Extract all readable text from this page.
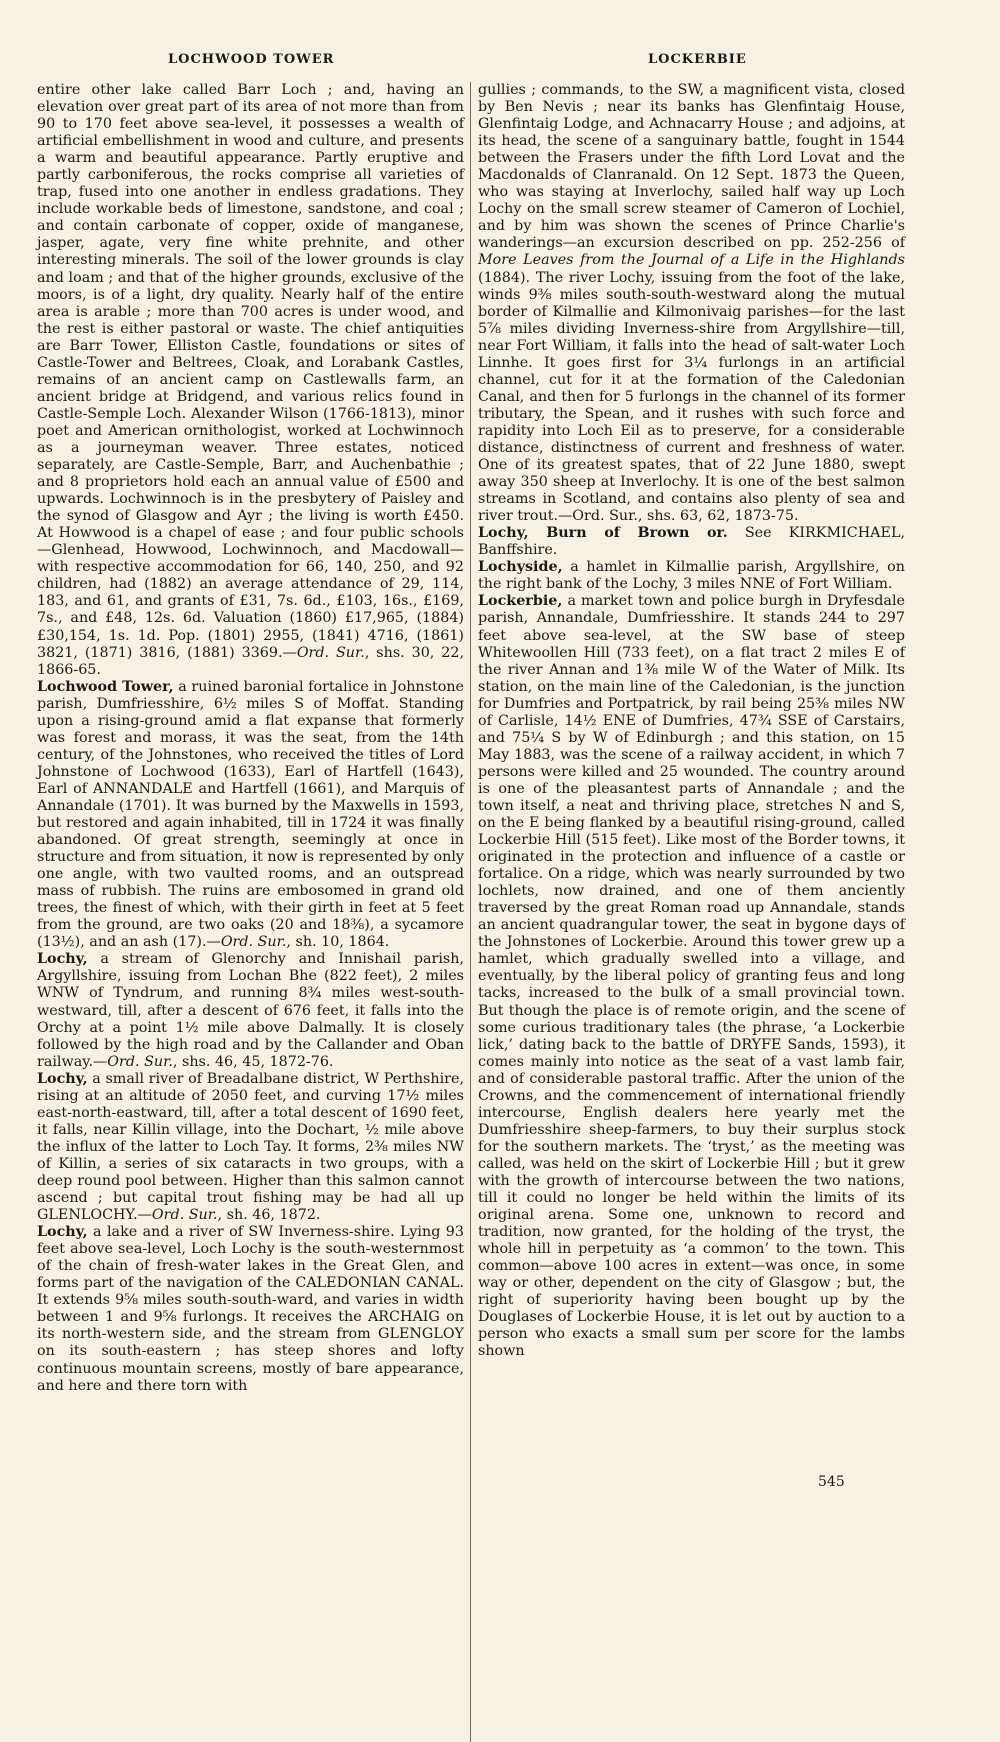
LOCHWOOD TOWER	LOCKERBIE

entire other lake called Barr Loch ; and, having an elevation over great part of its area of not more than from 90 to 170 feet above sea-level, it possesses a wealth of artificial embellishment in wood and culture, and presents a warm and beautiful appearance. Partly eruptive and partly carboniferous, the rocks comprise all varieties of trap, fused into one another in endless gradations. They include workable beds of limestone, sandstone, and coal ; and contain carbonate of copper, oxide of manganese, jasper, agate, very fine white prehnite, and other interesting minerals. The soil of the lower grounds is clay and loam ; and that of the higher grounds, exclusive of the moors, is of a light, dry quality. Nearly half of the entire area is arable ; more than 700 acres is under wood, and the rest is either pastoral or waste. The chief antiquities are Barr Tower, Elliston Castle, foundations or sites of Castle-Tower and Beltrees, Cloak, and Lorabank Castles, remains of an ancient camp on Castlewalls farm, an ancient bridge at Bridgend, and various relics found in Castle-Semple Loch. Alexander Wilson (1766-1813), minor poet and American ornithologist, worked at Lochwinnoch as a journeyman weaver. Three estates, noticed separately, are Castle-Semple, Barr, and Auchenbathie ; and 8 proprietors hold each an annual value of £500 and upwards. Lochwinnoch is in the presbytery of Paisley and the synod of Glasgow and Ayr ; the living is worth £450. At Howwood is a chapel of ease ; and four public schools—Glenhead, Howwood, Lochwinnoch, and Macdowall—with respective accommodation for 66, 140, 250, and 92 children, had (1882) an average attendance of 29, 114, 183, and 61, and grants of £31, 7s. 6d., £103, 16s., £169, 7s., and £48, 12s. 6d. Valuation (1860) £17,965, (1884) £30,154, 1s. 1d. Pop. (1801) 2955, (1841) 4716, (1861) 3821, (1871) 3816, (1881) 3369.—Ord. Sur., shs. 30, 22, 1866-65.

Lochwood Tower, a ruined baronial fortalice in Johnstone parish, Dumfriesshire, 6½ miles S of Moffat. Standing upon a rising-ground amid a flat expanse that formerly was forest and morass, it was the seat, from the 14th century, of the Johnstones, who received the titles of Lord Johnstone of Lochwood (1633), Earl of Hartfell (1643), Earl of ANNANDALE and Hartfell (1661), and Marquis of Annandale (1701). It was burned by the Maxwells in 1593, but restored and again inhabited, till in 1724 it was finally abandoned. Of great strength, seemingly at once in structure and from situation, it now is represented by only one angle, with two vaulted rooms, and an outspread mass of rubbish. The ruins are embosomed in grand old trees, the finest of which, with their girth in feet at 5 feet from the ground, are two oaks (20 and 18⅜), a sycamore (13½), and an ash (17).—Ord. Sur., sh. 10, 1864.

Lochy, a stream of Glenorchy and Innishail parish, Argyllshire, issuing from Lochan Bhe (822 feet), 2 miles WNW of Tyndrum, and running 8¾ miles west-south-westward, till, after a descent of 676 feet, it falls into the Orchy at a point 1½ mile above Dalmally. It is closely followed by the high road and by the Callander and Oban railway.—Ord. Sur., shs. 46, 45, 1872-76.

Lochy, a small river of Breadalbane district, W Perthshire, rising at an altitude of 2050 feet, and curving 17½ miles east-north-eastward, till, after a total descent of 1690 feet, it falls, near Killin village, into the Dochart, ½ mile above the influx of the latter to Loch Tay. It forms, 2⅜ miles NW of Killin, a series of six cataracts in two groups, with a deep round pool between. Higher than this salmon cannot ascend ; but capital trout fishing may be had all up GLENLOCHY.—Ord. Sur., sh. 46, 1872.

Lochy, a lake and a river of SW Inverness-shire. Lying 93 feet above sea-level, Loch Lochy is the south-westernmost of the chain of fresh-water lakes in the Great Glen, and forms part of the navigation of the CALEDONIAN CANAL. It extends 9⅝ miles south-south-ward, and varies in width between 1 and 9⅝ furlongs. It receives the ARCHAIG on its north-western side, and the stream from GLENGLOY on its south-eastern ; has steep shores and lofty continuous mountain screens, mostly of bare appearance, and here and there torn with

gullies ; commands, to the SW, a magnificent vista, closed by Ben Nevis ; near its banks has Glenfintaig House, Glenfintaig Lodge, and Achnacarry House ; and adjoins, at its head, the scene of a sanguinary battle, fought in 1544 between the Frasers under the fifth Lord Lovat and the Macdonalds of Clanranald. On 12 Sept. 1873 the Queen, who was staying at Inverlochy, sailed half way up Loch Lochy on the small screw steamer of Cameron of Lochiel, and by him was shown the scenes of Prince Charlie's wanderings—an excursion described on pp. 252-256 of More Leaves from the Journal of a Life in the Highlands (1884). The river Lochy, issuing from the foot of the lake, winds 9⅜ miles south-south-westward along the mutual border of Kilmallie and Kilmonivaig parishes—for the last 5⅞ miles dividing Inverness-shire from Argyllshire—till, near Fort William, it falls into the head of salt-water Loch Linnhe. It goes first for 3¼ furlongs in an artificial channel, cut for it at the formation of the Caledonian Canal, and then for 5 furlongs in the channel of its former tributary, the Spean, and it rushes with such force and rapidity into Loch Eil as to preserve, for a considerable distance, distinctness of current and freshness of water. One of its greatest spates, that of 22 June 1880, swept away 350 sheep at Inverlochy. It is one of the best salmon streams in Scotland, and contains also plenty of sea and river trout.—Ord. Sur., shs. 63, 62, 1873-75.

Lochy, Burn of Brown or. See KIRKMICHAEL, Banffshire.

Lochyside, a hamlet in Kilmallie parish, Argyllshire, on the right bank of the Lochy, 3 miles NNE of Fort William.

Lockerbie, a market town and police burgh in Dryfesdale parish, Annandale, Dumfriesshire. It stands 244 to 297 feet above sea-level, at the SW base of steep Whitewoollen Hill (733 feet), on a flat tract 2 miles E of the river Annan and 1⅜ mile W of the Water of Milk. Its station, on the main line of the Caledonian, is the junction for Dumfries and Portpatrick, by rail being 25⅜ miles NW of Carlisle, 14½ ENE of Dumfries, 47¾ SSE of Carstairs, and 75¼ S by W of Edinburgh ; and this station, on 15 May 1883, was the scene of a railway accident, in which 7 persons were killed and 25 wounded. The country around is one of the pleasantest parts of Annandale ; and the town itself, a neat and thriving place, stretches N and S, on the E being flanked by a beautiful rising-ground, called Lockerbie Hill (515 feet). Like most of the Border towns, it originated in the protection and influence of a castle or fortalice. On a ridge, which was nearly surrounded by two lochlets, now drained, and one of them anciently traversed by the great Roman road up Annandale, stands an ancient quadrangular tower, the seat in bygone days of the Johnstones of Lockerbie. Around this tower grew up a hamlet, which gradually swelled into a village, and eventually, by the liberal policy of granting feus and long tacks, increased to the bulk of a small provincial town. But though the place is of remote origin, and the scene of some curious traditionary tales (the phrase, ‘a Lockerbie lick,’ dating back to the battle of DRYFE Sands, 1593), it comes mainly into notice as the seat of a vast lamb fair, and of considerable pastoral traffic. After the union of the Crowns, and the commencement of international friendly intercourse, English dealers here yearly met the Dumfriesshire sheep-farmers, to buy their surplus stock for the southern markets. The ‘tryst,’ as the meeting was called, was held on the skirt of Lockerbie Hill ; but it grew with the growth of intercourse between the two nations, till it could no longer be held within the limits of its original arena. Some one, unknown to record and tradition, now granted, for the holding of the tryst, the whole hill in perpetuity as ‘a common’ to the town. This common—above 100 acres in extent—was once, in some way or other, dependent on the city of Glasgow ; but, the right of superiority having been bought up by the Douglases of Lockerbie House, it is let out by auction to a person who exacts a small sum per score for the lambs shown

545
